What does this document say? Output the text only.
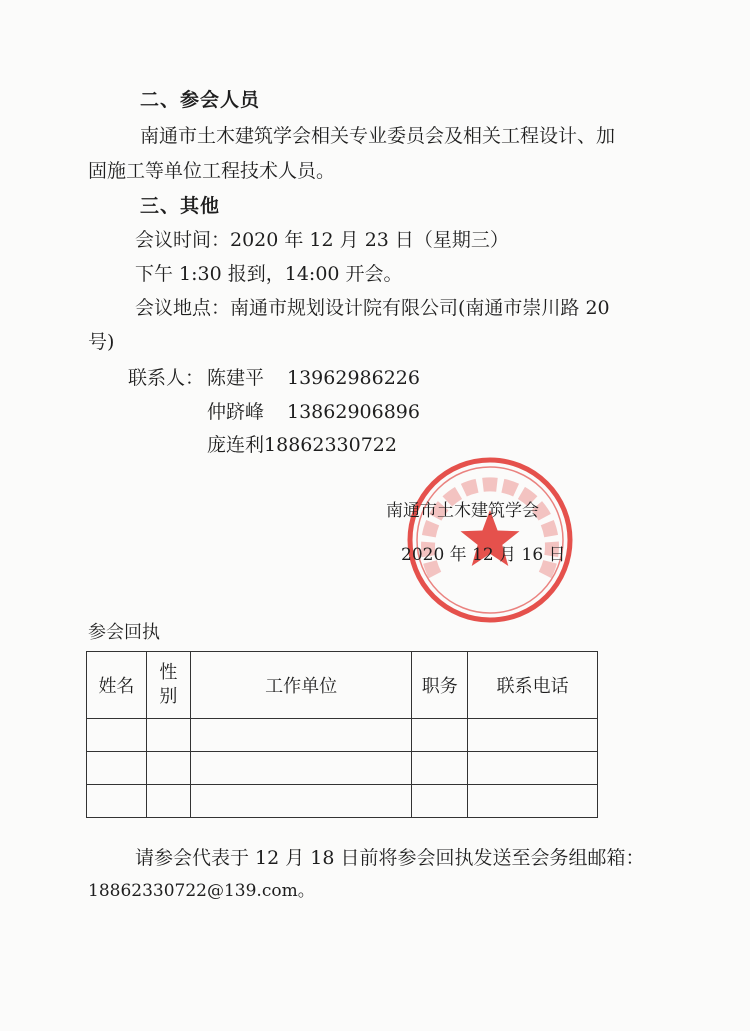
二、参会人员
南通市土木建筑学会相关专业委员会及相关工程设计、加
固施工等单位工程技术人员。
三、其他
会议时间：2020 年 12 月 23 日（星期三）
下午 1:30 报到，14:00 开会。
会议地点：南通市规划设计院有限公司(南通市崇川路 20
号)
联系人： 陈建平 13962986226
仲跻峰 13862906896
庞连利18862330722
南通市土木建筑学会
2020 年 12 月 16 日
参会回执
姓名	性别	工作单位	职务	联系电话

请参会代表于 12 月 18 日前将参会回执发送至会务组邮箱：
18862330722@139.com。
